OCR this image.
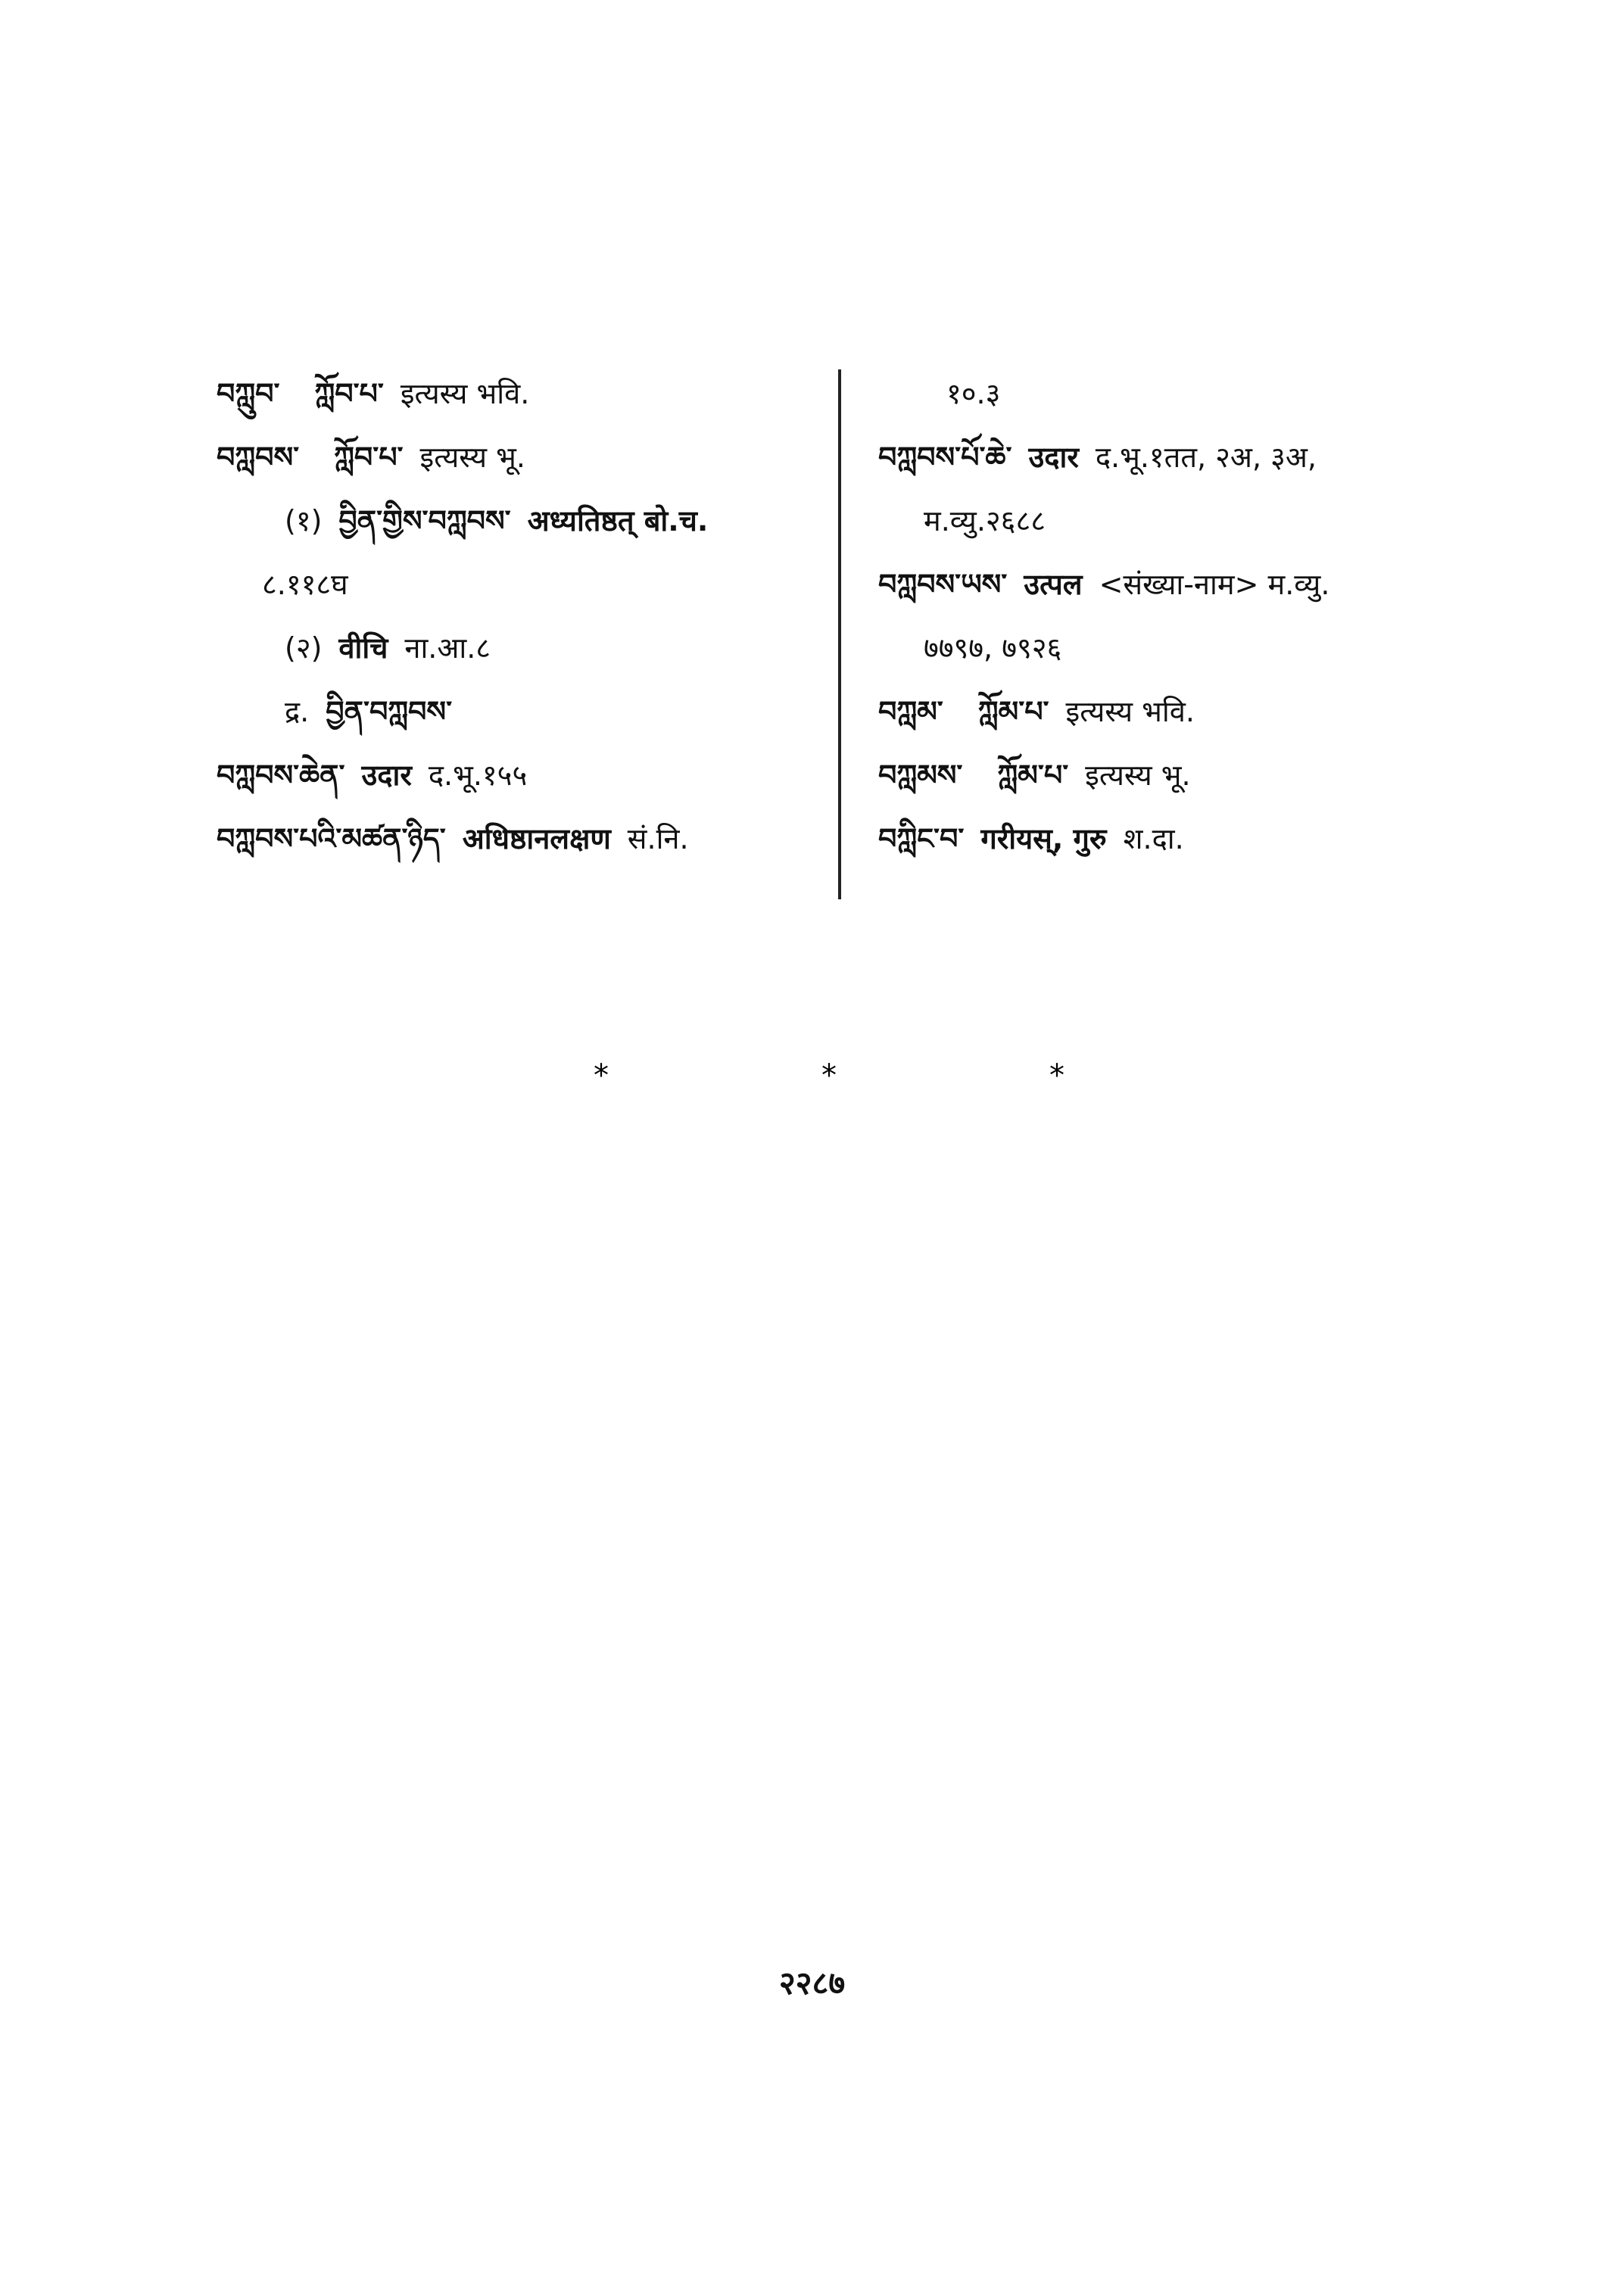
བཀླུབ་ ཀློབ་པ་ इत्यस्य भवि.
བཀླབས་ ཀློབ་པ་ इत्यस्य भू.
(१) བྱིན་གྱིས་བཀླབས་ अध्यतिष्ठत् बो.च.
८.११८घ
(२) वीचि ना.आ.८
द्र. བྱིན་བཀླབས་
བཀླབས་ཆེན་ उदार द.भू.१५५
བཀླབས་པའི་མཚན་ཉིད་ अधिष्ठानलक्षण सं.नि.
१०.३
བཀླབས་པོ་ཆེ་ उदार द.भू.१तत, २अ, ३अ,
म.व्यु.२६८८
བཀླབས་ཡས་ उत्पल <संख्या-नाम> म.व्यु.
७७९७, ७९२६
བཀླམ་ ཀློམ་པ་ इत्यस्य भवि.
བཀླམས་ ཀློམ་པ་ इत्यस्य भू.
བཀླིང་བ་ गरीयस्, गुरु श.दा.
*	*	*
२२८७
